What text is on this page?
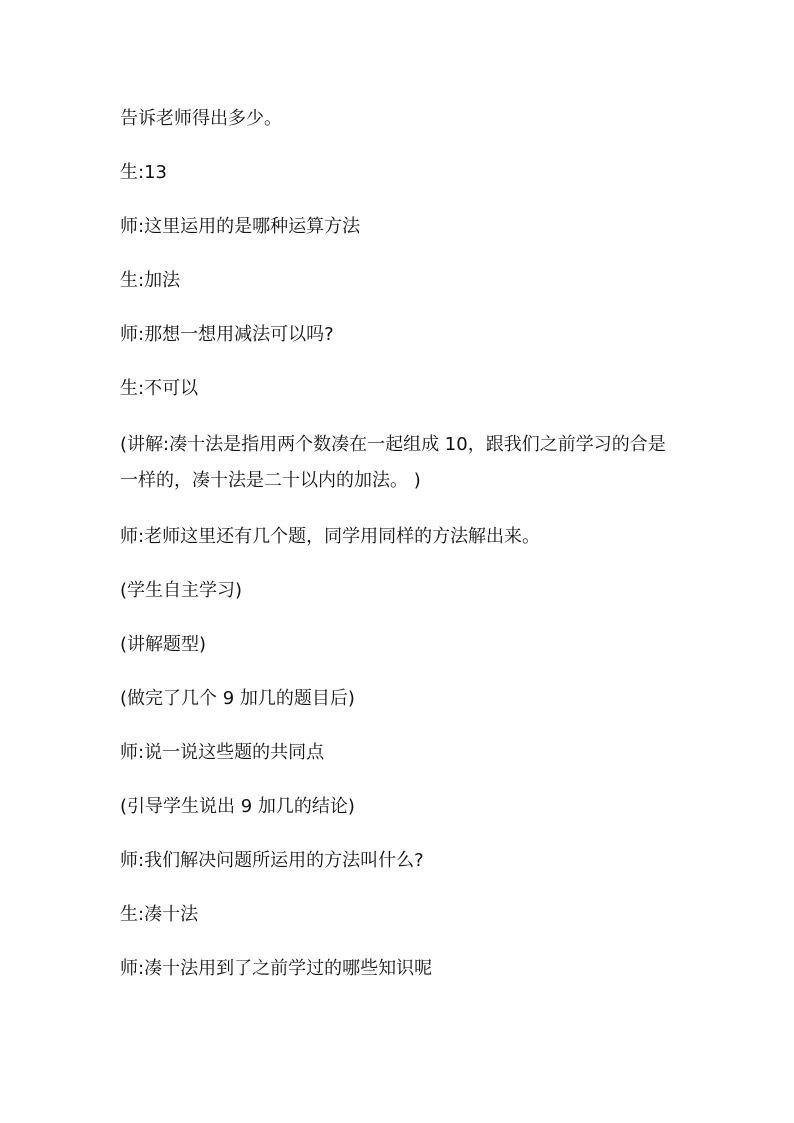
告诉老师得出多少。

生:13

师:这里运用的是哪种运算方法

生:加法

师:那想一想用减法可以吗?

生:不可以

(讲解:凑十法是指用两个数凑在一起组成 10，跟我们之前学习的合是一样的，凑十法是二十以内的加法。 )

师:老师这里还有几个题，同学用同样的方法解出来。

(学生自主学习)

(讲解题型)

(做完了几个 9 加几的题目后)

师:说一说这些题的共同点

(引导学生说出 9 加几的结论)

师:我们解决问题所运用的方法叫什么?

生:凑十法

师:凑十法用到了之前学过的哪些知识呢
